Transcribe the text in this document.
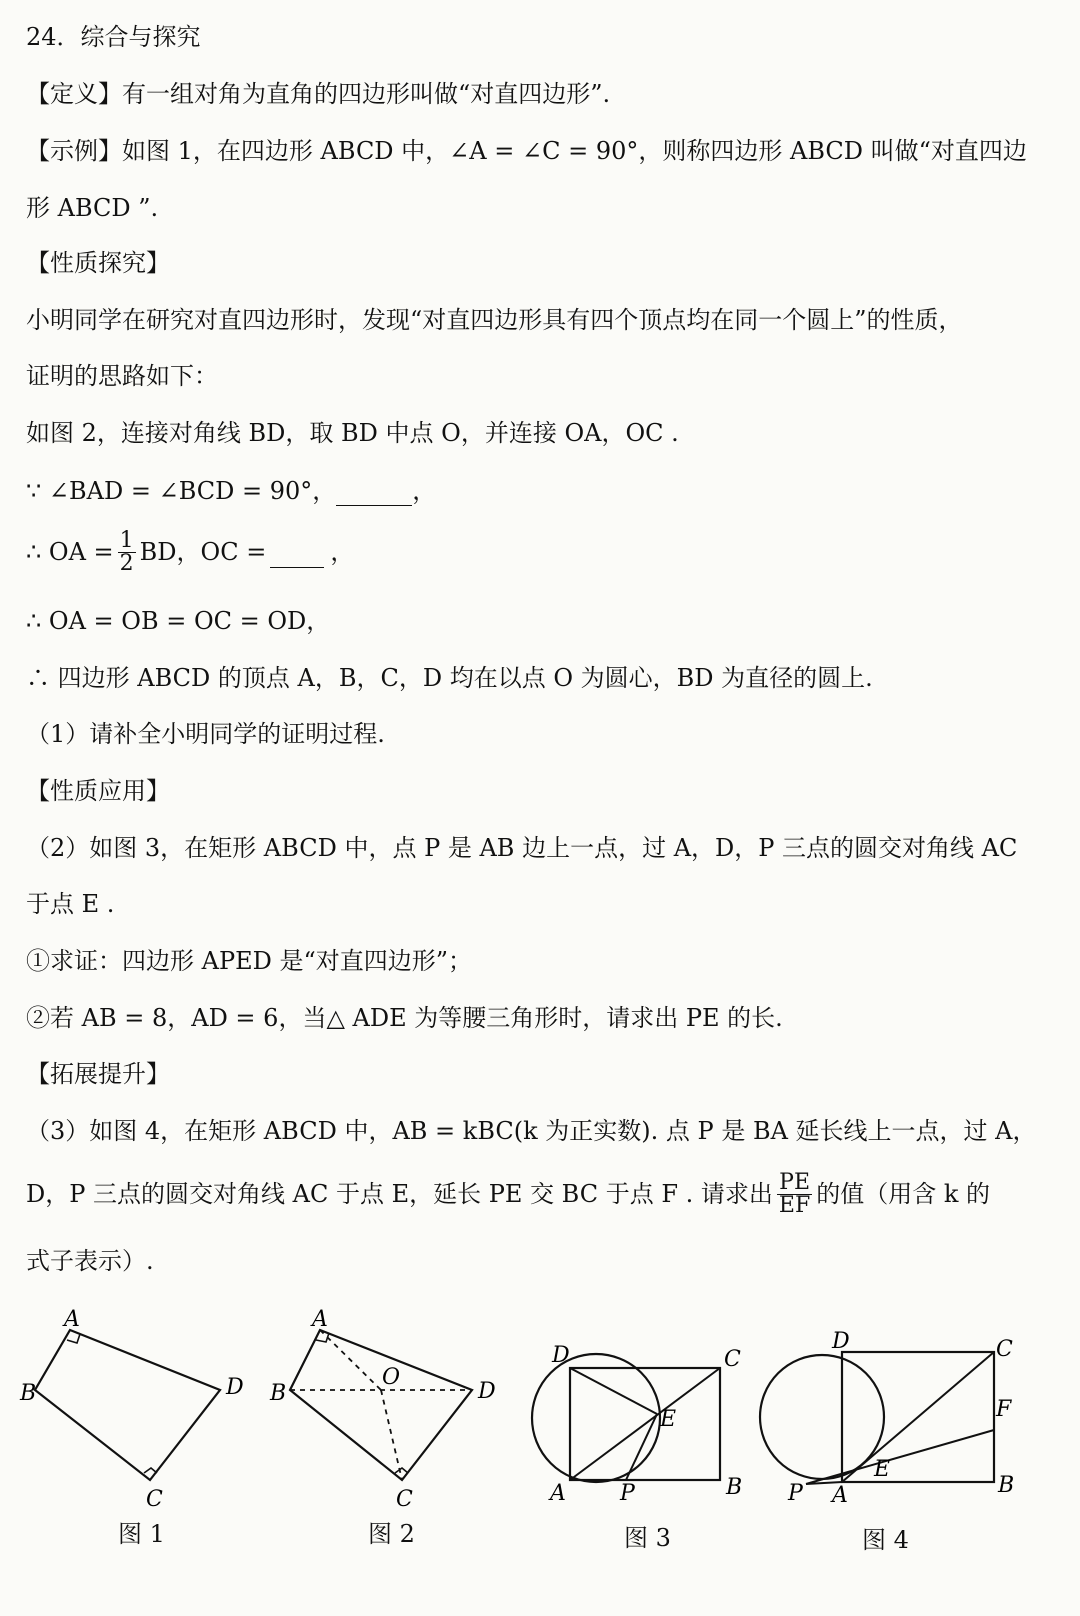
24．综合与探究
【定义】有一组对角为直角的四边形叫做“对直四边形”.
【示例】如图 1，在四边形 ABCD 中，∠A = ∠C = 90°，则称四边形 ABCD 叫做“对直四边
形 ABCD ”.
【性质探究】
小明同学在研究对直四边形时，发现“对直四边形具有四个顶点均在同一个圆上”的性质，
证明的思路如下：
如图 2，连接对角线 BD，取 BD 中点 O，并连接 OA，OC .
∵ ∠BAD = ∠BCD = 90°，	，
∴ OA = $\frac{1}{2}$ BD，OC =
	，
∴ OA = OB = OC = OD，
∴ 四边形 ABCD 的顶点 A，B，C，D 均在以点 O 为圆心，BD 为直径的圆上.
（1）请补全小明同学的证明过程.
【性质应用】
（2）如图 3，在矩形 ABCD 中，点 P 是 AB 边上一点，过 A，D，P 三点的圆交对角线 AC
于点 E .
①求证：四边形 APED 是“对直四边形”；
②若 AB = 8，AD = 6，当△ ADE 为等腰三角形时，请求出 PE 的长.
【拓展提升】
（3）如图 4，在矩形 ABCD 中，AB = kBC(k 为正实数). 点 P 是 BA 延长线上一点，过 A，
D，P 三点的圆交对角线 AC 于点 E，延长 PE 交 BC 于点 F . 请求出 $\frac{PE}{EF}$ 的值（用含 k 的
式子表示）.
A
B
C
D
A
B
C
D
O
D	C
A P	B
E
D	C
F
B
P A
E
图 1	图 2	图 3	图 4
